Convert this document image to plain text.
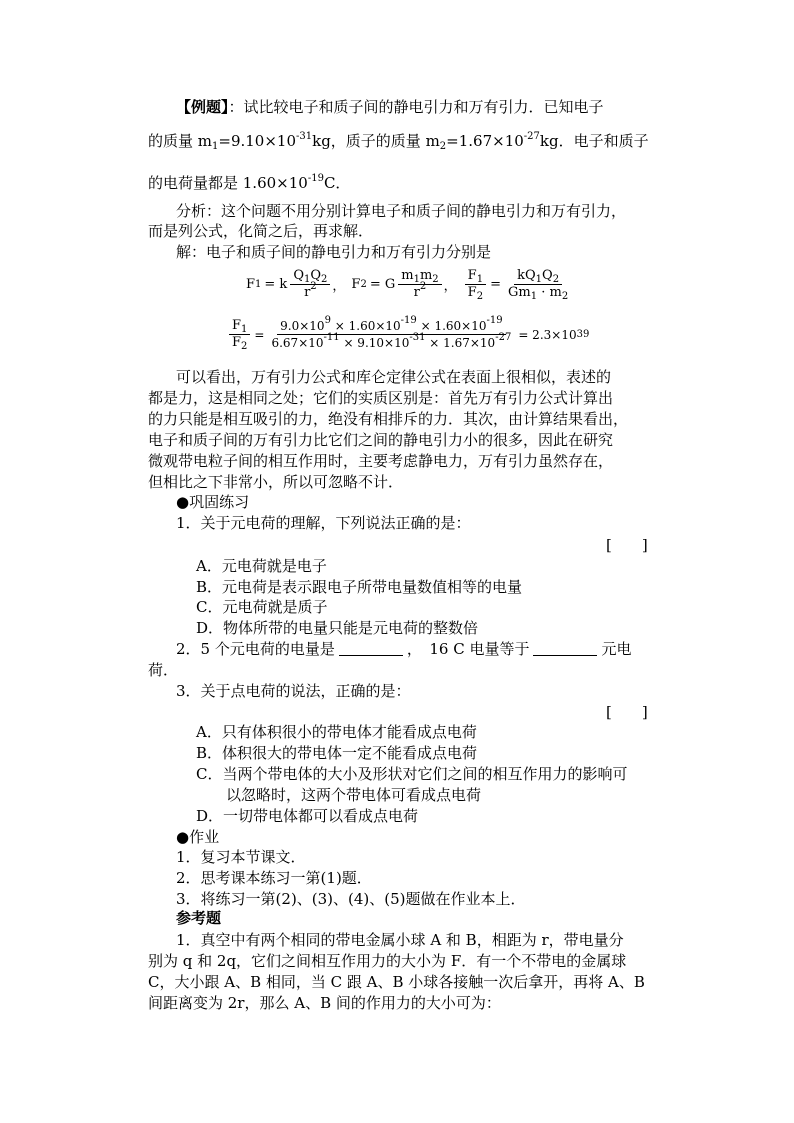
【例题】：试比较电子和质子间的静电引力和万有引力．已知电子
的质量 $m_1=9.10\times 10^{-31}kg$，质子的质量 $m_2=1.67\times 10^{-27}kg$．电子和质子
的电荷量都是 $1.60\times 10^{-19}C$．
分析：这个问题不用分别计算电子和质子间的静电引力和万有引力，
而是列公式，化简之后，再求解．
解：电子和质子间的静电引力和万有引力分别是
F 1 = k $\frac{Q_1Q_2}{r^2}$ ， F 2 = G $\frac{m_1m_2}{r^2}$ ， $\frac{F_1}{F_2} = \frac{kQ_1Q_2}{Gm_1 \cdot m_2}$
$\frac{F_1}{F_2} = \frac{9.0\times 10^9 \times 1.60\times 10^{-19} \times 1.60\times 10^{-19}}{6.67\times 10^{-11} \times 9.10\times 10^{-31} \times 1.67\times 10^{-27}} = 2.3\times 10$ 39
可以看出，万有引力公式和库仑定律公式在表面上很相似，表述的
都是力，这是相同之处；它们的实质区别是：首先万有引力公式计算出
的力只能是相互吸引的力，绝没有相排斥的力．其次，由计算结果看出，
电子和质子间的万有引力比它们之间的静电引力小的很多，因此在研究
微观带电粒子间的相互作用时，主要考虑静电力，万有引力虽然存在，
但相比之下非常小，所以可忽略不计．
●巩固练习
1．关于元电荷的理解，下列说法正确的是：
[　　]
A．元电荷就是电子
B．元电荷是表示跟电子所带电量数值相等的电量
C．元电荷就是质子
D．物体所带的电量只能是元电荷的整数倍
2．5 个元电荷的电量是	，　16 C 电量等于	元电
荷．
3．关于点电荷的说法，正确的是：
[　　]
A．只有体积很小的带电体才能看成点电荷
B．体积很大的带电体一定不能看成点电荷
C．当两个带电体的大小及形状对它们之间的相互作用力的影响可
以忽略时，这两个带电体可看成点电荷
D．一切带电体都可以看成点电荷
●作业
1．复习本节课文．
2．思考课本练习一第(1)题．
3．将练习一第(2)、(3)、(4)、(5)题做在作业本上．
参考题
1．真空中有两个相同的带电金属小球 A 和 B，相距为 r，带电量分
别为 q 和 2q，它们之间相互作用力的大小为 F．有一个不带电的金属球
C，大小跟 A、B 相同，当 C 跟 A、B 小球各接触一次后拿开，再将 A、B
间距离变为 2r，那么 A、B 间的作用力的大小可为：
